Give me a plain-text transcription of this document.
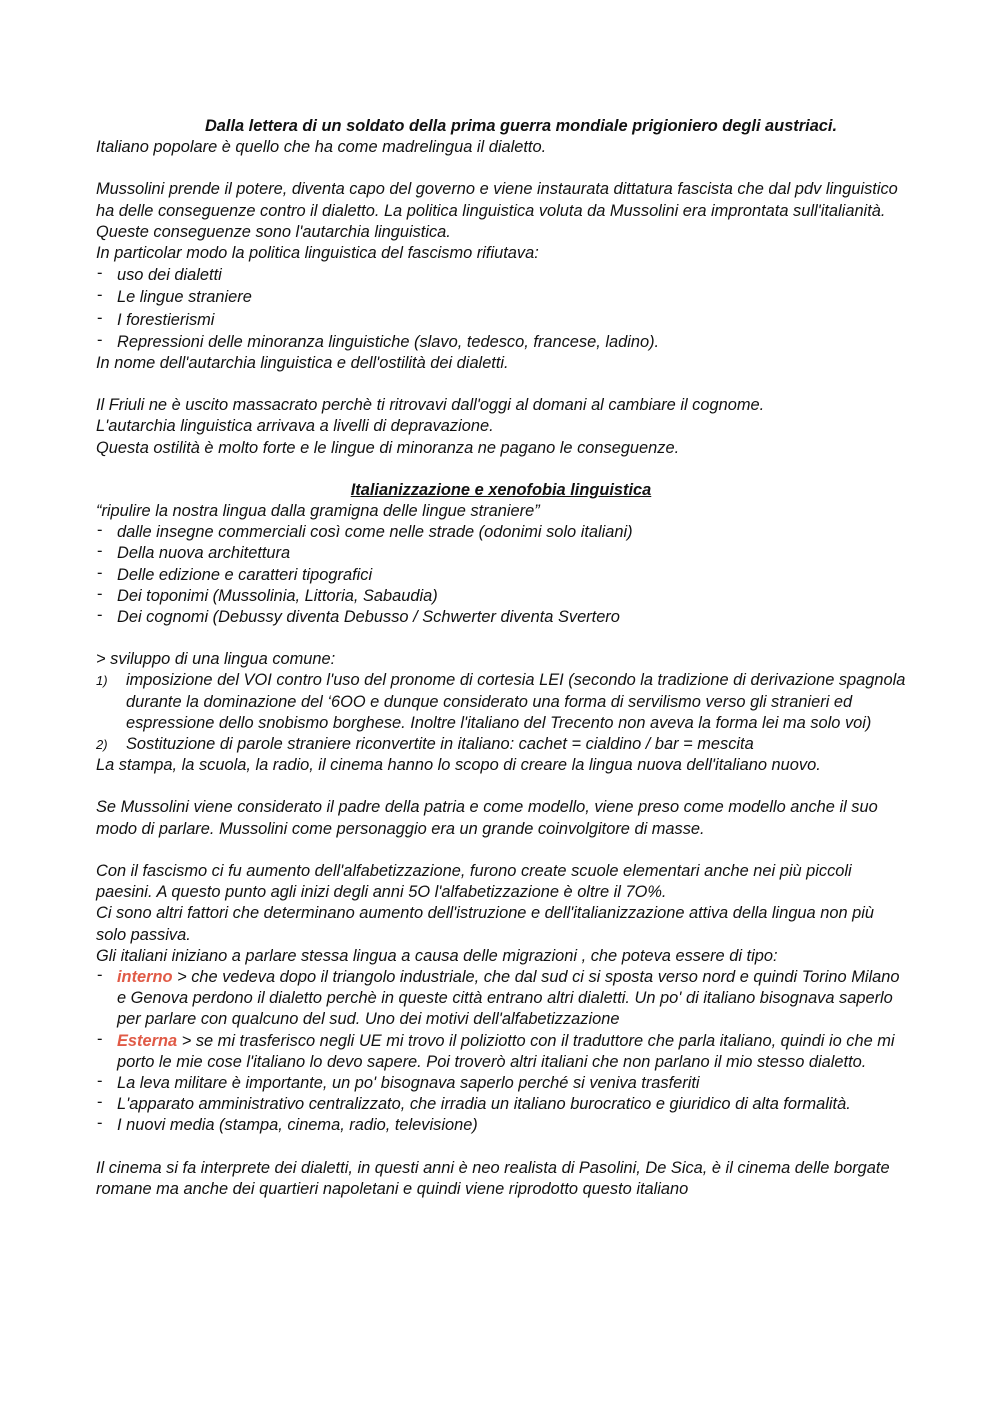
Dalla lettera di un soldato della prima guerra mondiale prigioniero degli austriaci.

Italiano popolare è quello che ha come madrelingua il dialetto.

Mussolini prende il potere, diventa capo del governo e viene instaurata dittatura fascista che dal pdv linguistico ha delle conseguenze contro il dialetto. La politica linguistica voluta da Mussolini era improntata sull'italianità. Queste conseguenze sono l'autarchia linguistica.

In particolar modo la politica linguistica del fascismo rifiutava:

- uso dei dialetti
- Le lingue straniere
- I forestierismi
- Repressioni delle minoranza linguistiche (slavo, tedesco, francese, ladino).

In nome dell'autarchia linguistica e dell'ostilità dei dialetti.

Il Friuli ne è uscito massacrato perchè ti ritrovavi dall'oggi al domani al cambiare il cognome.

L'autarchia linguistica arrivava a livelli di depravazione.

Questa ostilità è molto forte e le lingue di minoranza ne pagano le conseguenze.

Italianizzazione e xenofobia linguistica

“ripulire la nostra lingua dalla gramigna delle lingue straniere”

- dalle insegne commerciali così come nelle strade (odonimi solo italiani)
- Della nuova architettura
- Delle edizione e caratteri tipografici
- Dei toponimi (Mussolinia, Littoria, Sabaudia)
- Dei cognomi (Debussy diventa Debusso / Schwerter diventa Svertero

> sviluppo di una lingua comune:

1) imposizione del VOI contro l'uso del pronome di cortesia LEI (secondo la tradizione di derivazione spagnola durante la dominazione del ‘6OO e dunque considerato una forma di servilismo verso gli stranieri ed espressione dello snobismo borghese. Inoltre l'italiano del Trecento non aveva la forma lei ma solo voi)
2) Sostituzione di parole straniere riconvertite in italiano: cachet = cialdino / bar = mescita

La stampa, la scuola, la radio, il cinema hanno lo scopo di creare la lingua nuova dell'italiano nuovo.

Se Mussolini viene considerato il padre della patria e come modello, viene preso come modello anche il suo modo di parlare. Mussolini come personaggio era un grande coinvolgitore di masse.

Con il fascismo ci fu aumento dell'alfabetizzazione, furono create scuole elementari anche nei più piccoli paesini. A questo punto agli inizi degli anni 5O l'alfabetizzazione è oltre il 7O%.

Ci sono altri fattori che determinano aumento dell'istruzione e dell'italianizzazione attiva della lingua non più solo passiva.

Gli italiani iniziano a parlare stessa lingua a causa delle migrazioni , che poteva essere di tipo:

- interno > che vedeva dopo il triangolo industriale, che dal sud ci si sposta verso nord e quindi Torino Milano e Genova perdono il dialetto perchè in queste città entrano altri dialetti. Un po' di italiano bisognava saperlo per parlare con qualcuno del sud. Uno dei motivi dell'alfabetizzazione
- Esterna > se mi trasferisco negli UE mi trovo il poliziotto con il traduttore che parla italiano, quindi io che mi porto le mie cose l'italiano lo devo sapere. Poi troverò altri italiani che non parlano il mio stesso dialetto.
- La leva militare è importante, un po' bisognava saperlo perché si veniva trasferiti
- L'apparato amministrativo centralizzato, che irradia un italiano burocratico e giuridico di alta formalità.
- I nuovi media (stampa, cinema, radio, televisione)

Il cinema si fa interprete dei dialetti, in questi anni è neo realista di Pasolini, De Sica, è il cinema delle borgate romane ma anche dei quartieri napoletani e quindi viene riprodotto questo italiano
